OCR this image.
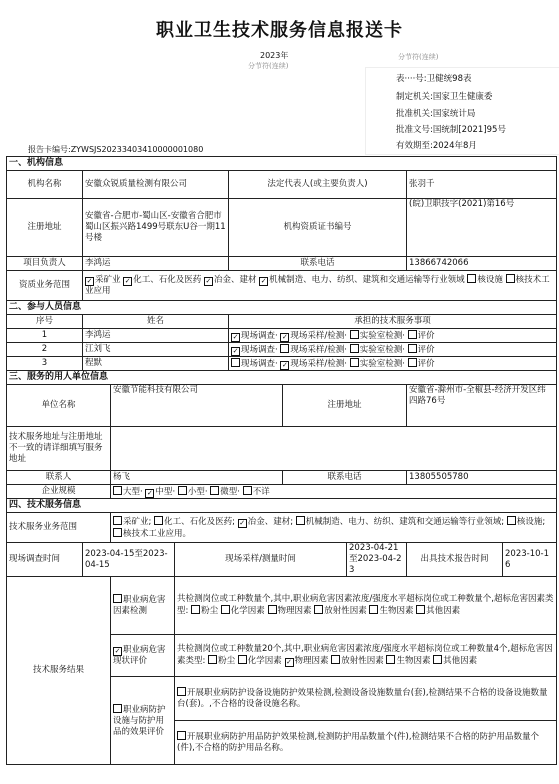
职业卫生技术服务信息报送卡
2023年	分节符(连续)
分节符(连续)
表····号:卫健统98表
制定机关:国家卫生健康委
批准机关:国家统计局
批准文号:国统制[2021]95号
有效期至:2024年8月
报告卡编号:ZYWSJS20233403410000001080
一、机构信息								
机构名称	安徽众锐质量检测有限公司			法定代表人(或主要负责人)			张羽千	
注册地址	安徽省-合肥市-蜀山区-安徽省合肥市蜀山区振兴路1499号联东U谷一期11号楼			机构资质证书编号			(皖)卫职技字(2021)第16号	
项目负责人	李鸿运			联系电话			13866742066	
资质业务范围	✓采矿业 ✓ 化工、石化及医药 ✓ 冶金、建材 ✓ 机械制造、电力、纺织、建筑和交通运输等行业领域 核设施 核技术工业应用
二、参与人员信息								
序号	姓名			承担的技术服务事项				
1	李鸿运	✓现场调查· ✓现场采样/检测· 实验室检测· 评价
2	江刘飞	✓现场调查· 现场采样/检测· 实验室检测· 评价
3	程默			现场调查· ✓现场采样/检测· 实验室检测· 评价
三、服务的用人单位信息								
单位名称		安徽节能科技有限公司			注册地址		安徽省-滁州市-全椒县-经济开发区纬四路76号	
技术服务地址与注册地址不一致的请详细填写服务地址								
联系人		杨飞			联系电话		13805505780	
企业规模		大型· ✓中型· 小型· 微型· 不详
四、技术服务信息								
技术服务业务范围		采矿业; 化工、石化及医药; ✓冶金、建材; 机械制造、电力、纺织、建筑和交通运输等行业领域; 核设施; 核技术工业应用。
现场调查时间	2023-04-15至2023-04-15		现场采样/测量时间			2023-04-21至2023-04-23	出具技术报告时间	2023-10-16
技术服务结果		职业病危害因素检测	共检测岗位或工种数量个,其中,职业病危害因素浓度/强度水平超标岗位或工种数量个,超标危害因素类型: 粉尘 化学因素 物理因素 放射性因素 生物因素 其他因素					
✓职业病危害现状评价	共检测岗位或工种数量20个,其中,职业病危害因素浓度/强度水平超标岗位或工种数量4个,超标危害因素类型: 粉尘 化学因素 ✓ 物理因素 放射性因素 生物因素 其他因素
		职业病防护设施与防护用品的效果评价	开展职业病防护设备设施防护效果检测,检测设备设施数量台(套),检测结果不合格的设备设施数量台(套)。,不合格的设备设施名称。					
			开展职业病防护用品防护效果检测,检测防护用品数量个(件),检测结果不合格的防护用品数量个(件),不合格的防护用品名称。					
